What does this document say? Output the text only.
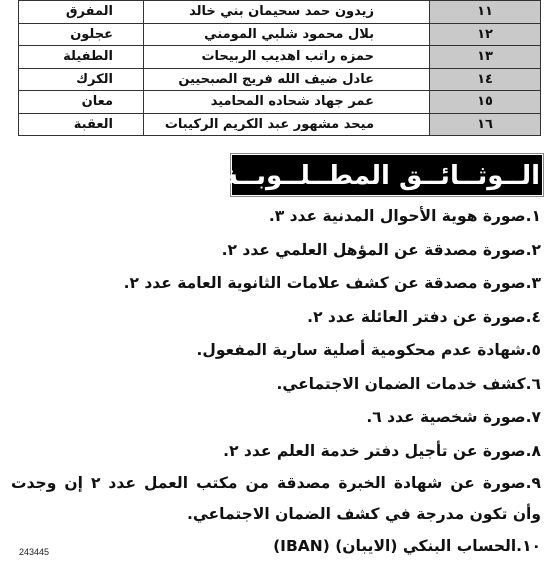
١١	زيدون حمد سحيمان بني خالد	المفرق
١٢	بلال محمود شلبي المومني	عجلون
١٣	حمزه راتب اهديب الربيحات	الطفيلة
١٤	عادل ضيف الله فريج الصبحيين	الكرك
١٥	عمر جهاد شحاده المحاميد	معان
١٦	ميحد مشهور عبد الكريم الركيبات	العقبة
الــوثــائــق المطــلــوبــة الــتــالــيــة :
١.صورة هوية الأحوال المدنية عدد ٣.
٢.صورة مصدقة عن المؤهل العلمي عدد ٢.
٣.صورة مصدقة عن كشف علامات الثانوية العامة عدد ٢.
٤.صورة عن دفتر العائلة عدد ٢.
٥.شهادة عدم محكومية أصلية سارية المفعول.
٦.كشف خدمات الضمان الاجتماعي.
٧.صورة شخصية عدد ٦.
٨.صورة عن تأجيل دفتر خدمة العلم عدد ٢.
٩.صورة عن شهادة الخبرة مصدقة من مكتب العمل عدد ٢ إن وجدت وأن تكون مدرجة في كشف الضمان الاجتماعي.
١٠.الحساب البنكي (الايبان) (IBAN)
243445
